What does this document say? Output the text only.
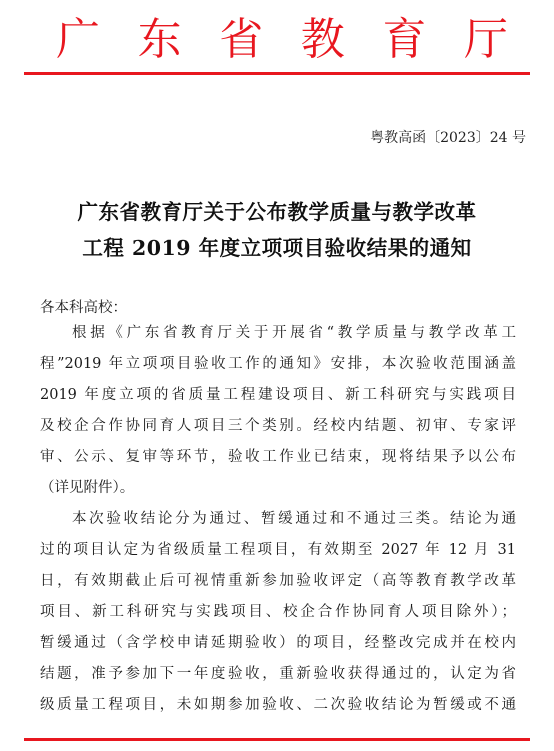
广 东 省 教 育 厅
粤教高函〔2023〕24 号
广东省教育厅关于公布教学质量与教学改革
工程 2019 年度立项项目验收结果的通知
各本科高校：
根据《广东省教育厅关于开展省“教学质量与教学改革工
程”2019 年立项项目验收工作的通知》安排，本次验收范围涵盖
2019 年度立项的省质量工程建设项目、新工科研究与实践项目
及校企合作协同育人项目三个类别。经校内结题、初审、专家评
审、公示、复审等环节，验收工作业已结束，现将结果予以公布
（详见附件）。
本次验收结论分为通过、暂缓通过和不通过三类。结论为通
过的项目认定为省级质量工程项目，有效期至 2027 年 12 月 31
日，有效期截止后可视情重新参加验收评定（高等教育教学改革
项目、新工科研究与实践项目、校企合作协同育人项目除外）；
暂缓通过（含学校申请延期验收）的项目，经整改完成并在校内
结题，准予参加下一年度验收，重新验收获得通过的，认定为省
级质量工程项目，未如期参加验收、二次验收结论为暂缓或不通
